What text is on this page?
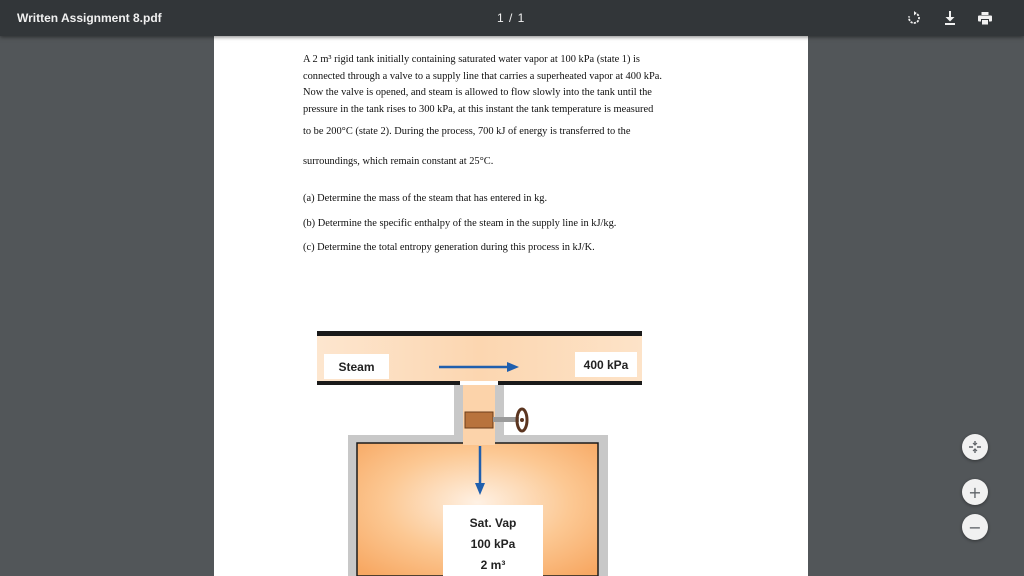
Written Assignment 8.pdf	1 / 1
A 2 m³ rigid tank initially containing saturated water vapor at 100 kPa (state 1) is
connected through a valve to a supply line that carries a superheated vapor at 400 kPa.
Now the valve is opened, and steam is allowed to flow slowly into the tank until the
pressure in the tank rises to 300 kPa, at this instant the tank temperature is measured
to be 200°C (state 2). During the process, 700 kJ of energy is transferred to the
surroundings, which remain constant at 25°C.
(a) Determine the mass of the steam that has entered in kg.
(b) Determine the specific enthalpy of the steam in the supply line in kJ/kg.
(c) Determine the total entropy generation during this process in kJ/K.
Steam	400 kPa
Sat. Vap
100 kPa
2 m³
+
−
